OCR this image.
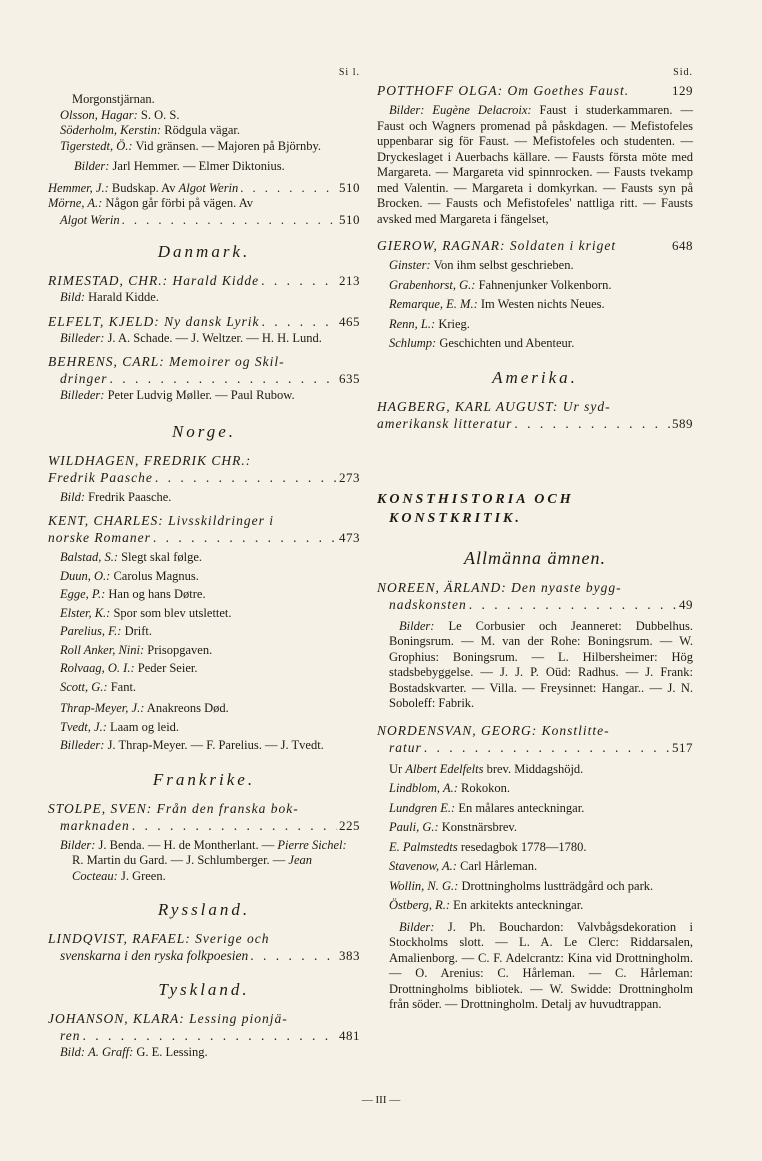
Si l.
Morgonstjärnan.
Olsson, Hagar: S. O. S.
Söderholm, Kerstin: Rödgula vägar.
Tigerstedt, Ö.: Vid gränsen. — Majoren på Björnby.
Bilder: Jarl Hemmer. — Elmer Diktonius.
Hemmer, J.: Budskap. Av Algot Werin . . .	510
Mörne, A.: Någon går förbi på vägen. Av
Algot Werin . . .	510
Danmark.
RIMESTAD, CHR.: Harald Kidde . . .	213
Bild: Harald Kidde.
ELFELT, KJELD: Ny dansk Lyrik . . .	465
Billeder: J. A. Schade. — J. Weltzer. — H. H. Lund.
BEHRENS, CARL: Memoirer og Skil-
dringer . . .	635
Billeder: Peter Ludvig Møller. — Paul Rubow.
Norge.
WILDHAGEN, FREDRIK CHR.:
Fredrik Paasche . . .	273
Bild: Fredrik Paasche.
KENT, CHARLES: Livsskildringer i
norske Romaner . . .	473
Balstad, S.: Slegt skal følge.
Duun, O.: Carolus Magnus.
Egge, P.: Han og hans Døtre.
Elster, K.: Spor som blev utslettet.
Parelius, F.: Drift.
Roll Anker, Nini: Prisopgaven.
Rolvaag, O. I.: Peder Seier.
Scott, G.: Fant.
Thrap-Meyer, J.: Anakreons Død.
Tvedt, J.: Laam og leid.
Billeder: J. Thrap-Meyer. — F. Parelius. — J. Tvedt.
Frankrike.
STOLPE, SVEN: Från den franska bok-
marknaden . . .	225
Bilder: J. Benda. — H. de Montherlant. — Pierre Sichel: R. Martin du Gard. — J. Schlumberger. — Jean Cocteau: J. Green.
Ryssland.
LINDQVIST, RAFAEL: Sverige och
svenskarna i den ryska folkpoesien . . .	383
Tyskland.
JOHANSON, KLARA: Lessing pionjä-
ren . . .	481
Bild: A. Graff: G. E. Lessing.
Sid.
POTTHOFF OLGA: Om Goethes Faust.	129
Bilder: Eugène Delacroix: Faust i studerkammaren. — Faust och Wagners promenad på påskdagen. — Mefistofeles uppenbarar sig för Faust. — Mefistofeles och studenten. — Dryckeslaget i Auerbachs källare. — Fausts första möte med Margareta. — Margareta vid spinnrocken. — Fausts tvekamp med Valentin. — Margareta i domkyrkan. — Fausts syn på Brocken. — Fausts och Mefistofeles' nattliga ritt. — Fausts avsked med Margareta i fängelset,
GIEROW, RAGNAR: Soldaten i kriget	648
Ginster: Von ihm selbst geschrieben.
Grabenhorst, G.: Fahnenjunker Volkenborn.
Remarque, E. M.: Im Westen nichts Neues.
Renn, L.: Krieg.
Schlump: Geschichten und Abenteur.
Amerika.
HAGBERG, KARL AUGUST: Ur syd-
amerikansk litteratur . . .	589
KONSTHISTORIA OCH
KONSTKRITIK.
Allmänna ämnen.
NOREEN, ÄRLAND: Den nyaste bygg-
nadskonsten . . .	49
Bilder: Le Corbusier och Jeanneret: Dubbelhus. Boningsrum. — M. van der Rohe: Boningsrum. — W. Grophius: Boningsrum. — L. Hilbersheimer: Hög stadsbebyggelse. — J. J. P. Oüd: Radhus. — J. Frank: Bostadskvarter. — Villa. — Freysinnet: Hangar.. — J. N. Soboleff: Fabrik.
NORDENSVAN, GEORG: Konstlitte-
ratur . . .	517
Ur Albert Edelfelts brev. Middagshöjd.
Lindblom, A.: Rokokon.
Lundgren E.: En målares anteckningar.
Pauli, G.: Konstnärsbrev.
E. Palmstedts resedagbok 1778—1780.
Stavenow, A.: Carl Hårleman.
Wollin, N. G.: Drottningholms lustträdgård och park.
Östberg, R.: En arkitekts anteckningar.
Bilder: J. Ph. Bouchardon: Valvbågsdekoration i Stockholms slott. — L. A. Le Clerc: Riddarsalen, Amalienborg. — C. F. Adelcrantz: Kina vid Drottningholm. — O. Arenius: C. Hårleman. — C. Hårleman: Drottningholms bibliotek. — W. Swidde: Drottningholm från söder. — Drottningholm. Detalj av huvudtrappan.
— III —
